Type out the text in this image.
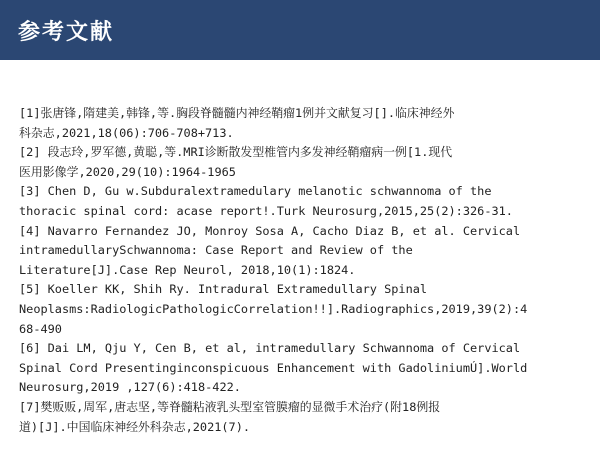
参考文献
[1]张唐锋,隋建美,韩锋,等.胸段脊髓髓内神经鞘瘤1例并文献复习[].临床神经外
科杂志,2021,18(06):706-708+713.
[2] 段志玲,罗军德,黄聪,等.MRI诊断散发型椎管内多发神经鞘瘤病一例[1.现代
医用影像学,2020,29(10):1964-1965
[3] Chen D, Gu w.Subduralextramedulary melanotic schwannoma of the
thoracic spinal cord: acase report!.Turk Neurosurg,2015,25(2):326-31.
[4] Navarro Fernandez JO, Monroy Sosa A, Cacho Diaz B, et al. Cervical
intramedullarySchwannoma: Case Report and Review of the
Literature[J].Case Rep Neurol, 2018,10(1):1824.
[5] Koeller KK, Shih Ry. Intradural Extramedullary Spinal
Neoplasms:RadiologicPathologicCorrelation!!].Radiographics,2019,39(2):4
68-490
[6] Dai LM, Qju Y, Cen B, et al, intramedullary Schwannoma of Cervical
Spinal Cord Presentinginconspicuous Enhancement with GadoliniumÚ].World
Neurosurg,2019 ,127(6):418-422.
[7]樊贩贩,周军,唐志坚,等脊髓粘液乳头型室管膜瘤的显微手术治疗(附18例报
道)[J].中国临床神经外科杂志,2021(7).
